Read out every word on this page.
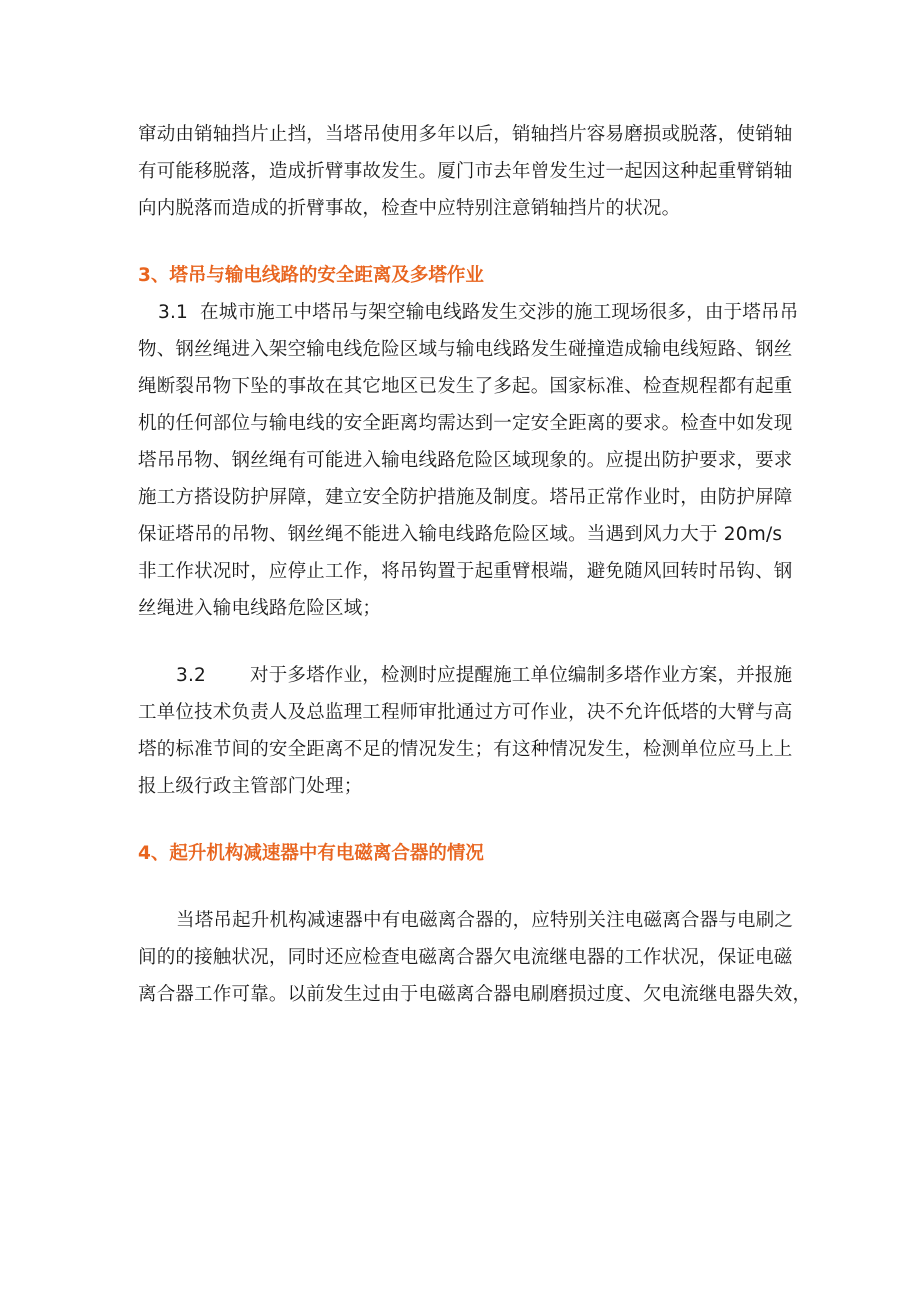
窜动由销轴挡片止挡，当塔吊使用多年以后，销轴挡片容易磨损或脱落，使销轴
有可能移脱落，造成折臂事故发生。厦门市去年曾发生过一起因这种起重臂销轴
向内脱落而造成的折臂事故，检查中应特别注意销轴挡片的状况。
3、塔吊与输电线路的安全距离及多塔作业
3.1 在城市施工中塔吊与架空输电线路发生交涉的施工现场很多，由于塔吊吊
物、钢丝绳进入架空输电线危险区域与输电线路发生碰撞造成输电线短路、钢丝
绳断裂吊物下坠的事故在其它地区已发生了多起。国家标准、检查规程都有起重
机的任何部位与输电线的安全距离均需达到一定安全距离的要求。检查中如发现
塔吊吊物、钢丝绳有可能进入输电线路危险区域现象的。应提出防护要求，要求
施工方搭设防护屏障，建立安全防护措施及制度。塔吊正常作业时，由防护屏障
保证塔吊的吊物、钢丝绳不能进入输电线路危险区域。当遇到风力大于 20m/s
非工作状况时，应停止工作，将吊钩置于起重臂根端，避免随风回转时吊钩、钢
丝绳进入输电线路危险区域；
3.2 对于多塔作业，检测时应提醒施工单位编制多塔作业方案，并报施
工单位技术负责人及总监理工程师审批通过方可作业，决不允许低塔的大臂与高
塔的标准节间的安全距离不足的情况发生；有这种情况发生，检测单位应马上上
报上级行政主管部门处理；
4、起升机构减速器中有电磁离合器的情况
当塔吊起升机构减速器中有电磁离合器的，应特别关注电磁离合器与电刷之
间的的接触状况，同时还应检查电磁离合器欠电流继电器的工作状况，保证电磁
离合器工作可靠。以前发生过由于电磁离合器电刷磨损过度、欠电流继电器失效，
